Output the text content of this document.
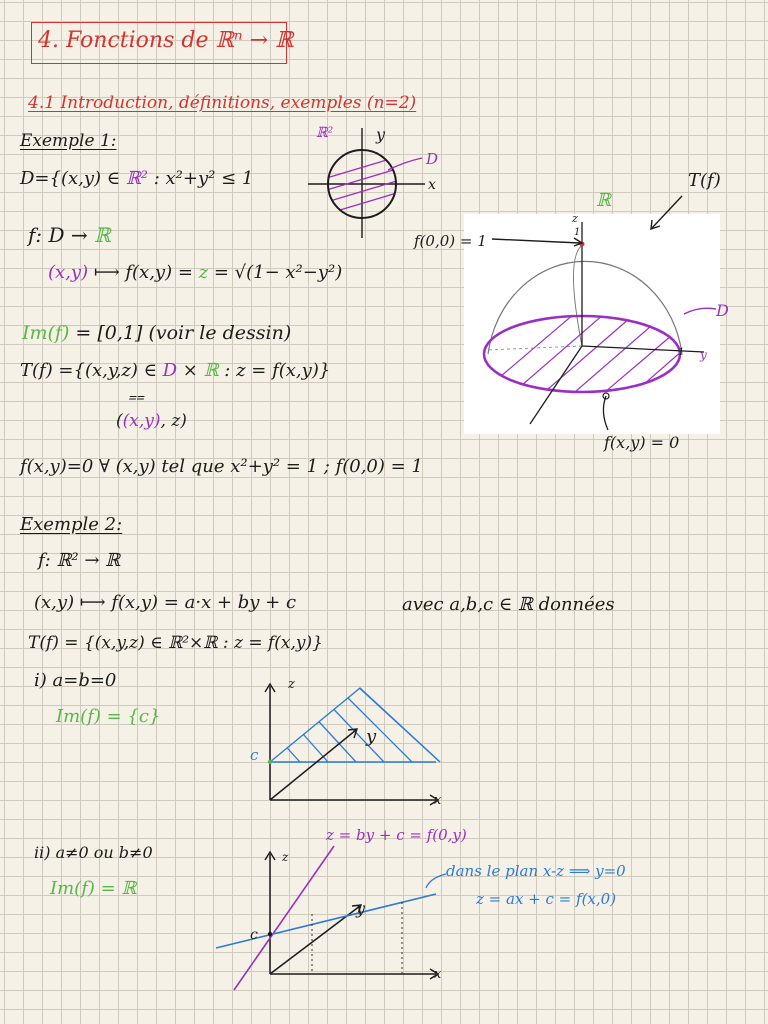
4. Fonctions de ℝⁿ → ℝ
4.1 Introduction, définitions, exemples (n=2)
Exemple 1:
D={(x,y) ∈ ℝ² : x²+y² ≤ 1
f: D → ℝ
(x,y) ⟼ f(x,y) = z = √(1− x²−y²)
Im(f) = [0,1] (voir le dessin)
T(f) ={(x,y,z) ∈ D × ℝ : z = f(x,y)}
⩵
((x,y), z)
f(x,y)=0 ∀ (x,y) tel que x²+y² = 1 ; f(0,0) = 1
ℝ²	y
x
D
z
ℝ
y
1
1
f(0,0) = 1
T(f)
D
f(x,y) = 0
Exemple 2:
f: ℝ² → ℝ
(x,y) ⟼ f(x,y) = a·x + by + c	avec a,b,c ∈ ℝ données
T(f) = {(x,y,z) ∈ ℝ²×ℝ : z = f(x,y)}
i) a=b=0
Im(f) = {c}
z
y
x
c
ii) a≠0 ou b≠0
Im(f) = ℝ
z
y
x
c
z = by + c = f(0,y)
dans le plan x-z ⟹ y=0
z = ax + c = f(x,0)
